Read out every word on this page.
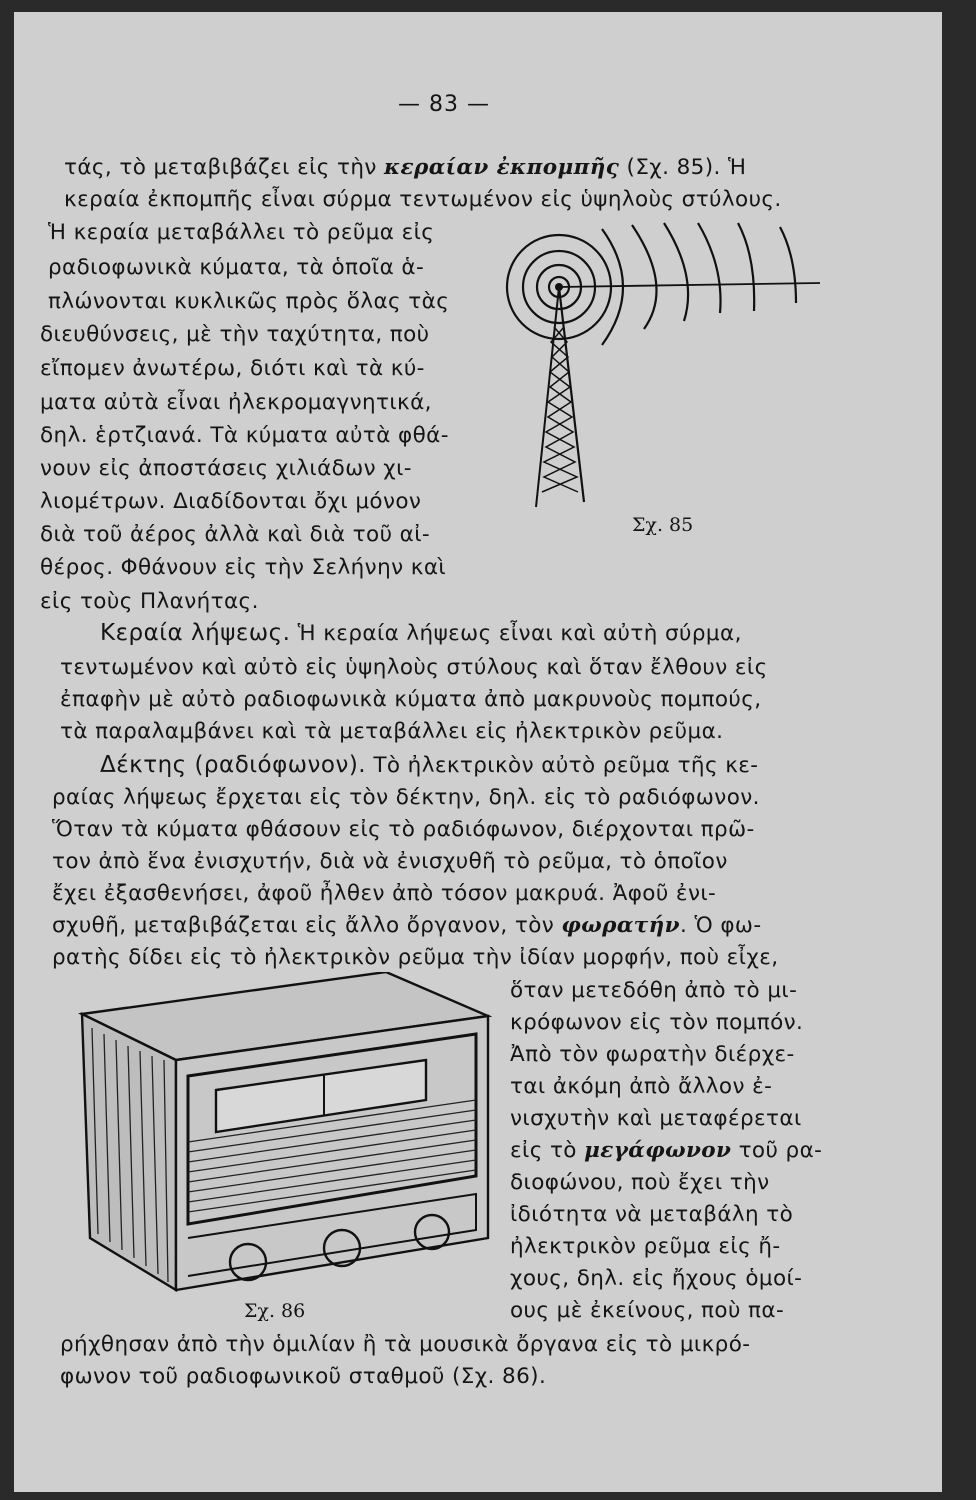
— 83 —
τάς, τὸ μεταβιβάζει εἰς τὴν κεραίαν ἐκπομπῆς (Σχ. 85). Ἡ
κεραία ἐκπομπῆς εἶναι σύρμα τεντωμένον εἰς ὑψηλοὺς στύλους.
Ἡ κεραία μεταβάλλει τὸ ρεῦμα εἰς
ραδιοφωνικὰ κύματα, τὰ ὁποῖα ἁ-
πλώνονται κυκλικῶς πρὸς ὅλας τὰς
διευθύνσεις, μὲ τὴν ταχύτητα, ποὺ
εἴπομεν ἀνωτέρω, διότι καὶ τὰ κύ-
ματα αὐτὰ εἶναι ἠλεκρομαγνητικά,
δηλ. ἑρτζιανά. Τὰ κύματα αὐτὰ φθά-
νουν εἰς ἀποστάσεις χιλιάδων χι-
λιομέτρων. Διαδίδονται ὄχι μόνον
διὰ τοῦ ἀέρος ἀλλὰ καὶ διὰ τοῦ αἰ-
θέρος. Φθάνουν εἰς τὴν Σελήνην καὶ
εἰς τοὺς Πλανήτας.
Σχ. 85
Κεραία λήψεως. Ἡ κεραία λήψεως εἶναι καὶ αὐτὴ σύρμα,
τεντωμένον καὶ αὐτὸ εἰς ὑψηλοὺς στύλους καὶ ὅταν ἔλθουν εἰς
ἐπαφὴν μὲ αὐτὸ ραδιοφωνικὰ κύματα ἀπὸ μακρυνοὺς πομπούς,
τὰ παραλαμβάνει καὶ τὰ μεταβάλλει εἰς ἠλεκτρικὸν ρεῦμα.
Δέκτης (ραδιόφωνον). Τὸ ἠλεκτρικὸν αὐτὸ ρεῦμα τῆς κε-
ραίας λήψεως ἔρχεται εἰς τὸν δέκτην, δηλ. εἰς τὸ ραδιόφωνον.
Ὅταν τὰ κύματα φθάσουν εἰς τὸ ραδιόφωνον, διέρχονται πρῶ-
τον ἀπὸ ἕνα ἐνισχυτήν, διὰ νὰ ἐνισχυθῆ τὸ ρεῦμα, τὸ ὁποῖον
ἔχει ἐξασθενήσει, ἀφοῦ ἦλθεν ἀπὸ τόσον μακρυά. Ἀφοῦ ἐνι-
σχυθῆ, μεταβιβάζεται εἰς ἄλλο ὄργανον, τὸν φωρατήν. Ὁ φω-
ρατὴς δίδει εἰς τὸ ἠλεκτρικὸν ρεῦμα τὴν ἰδίαν μορφήν, ποὺ εἶχε,
ὅταν μετεδόθη ἀπὸ τὸ μι-
κρόφωνον εἰς τὸν πομπόν.
Ἀπὸ τὸν φωρατὴν διέρχε-
ται ἀκόμη ἀπὸ ἄλλον ἐ-
νισχυτὴν καὶ μεταφέρεται
εἰς τὸ μεγάφωνον τοῦ ρα-
διοφώνου, ποὺ ἔχει τὴν
ἰδιότητα νὰ μεταβάλη τὸ
ἠλεκτρικὸν ρεῦμα εἰς ἤ-
χους, δηλ. εἰς ἤχους ὁμοί-
ους μὲ ἐκείνους, ποὺ πα-
Σχ. 86
ρήχθησαν ἀπὸ τὴν ὁμιλίαν ἢ τὰ μουσικὰ ὄργανα εἰς τὸ μικρό-
φωνον τοῦ ραδιοφωνικοῦ σταθμοῦ (Σχ. 86).
